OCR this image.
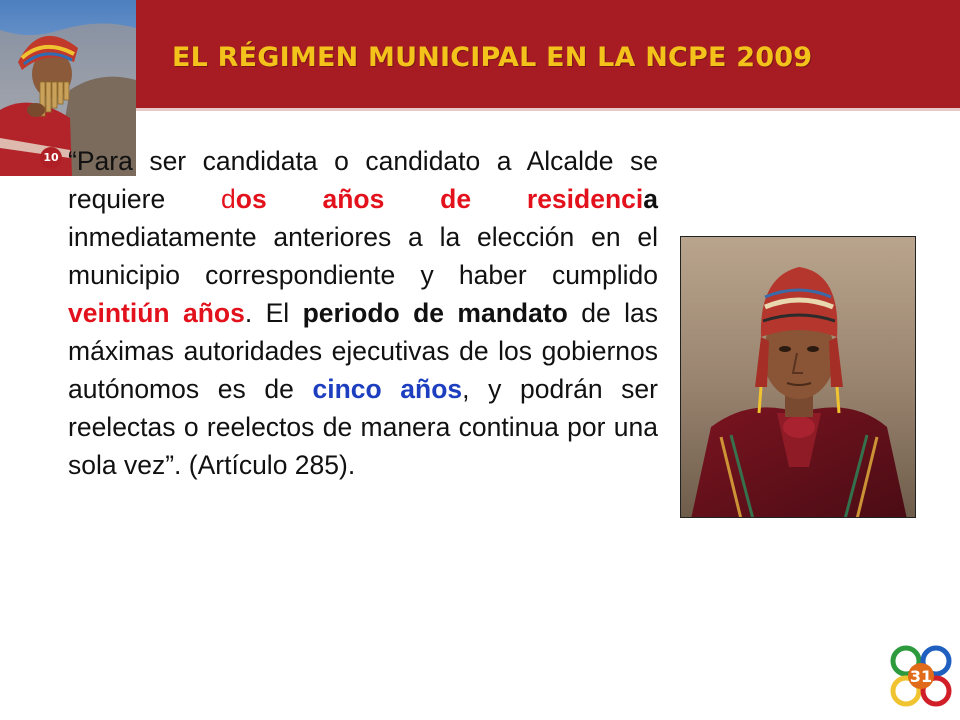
EL RÉGIMEN MUNICIPAL EN LA NCPE 2009
10 “Para ser candidata o candidato a Alcalde se requiere dos años de residencia inmediatamente anteriores a la elección en el municipio correspondiente y haber cumplido veintiún años. El periodo de mandato de las máximas autoridades ejecutivas de los gobiernos autónomos es de cinco años, y podrán ser reelectas o reelectos de manera continua por una sola vez”. (Artículo 285).

31
